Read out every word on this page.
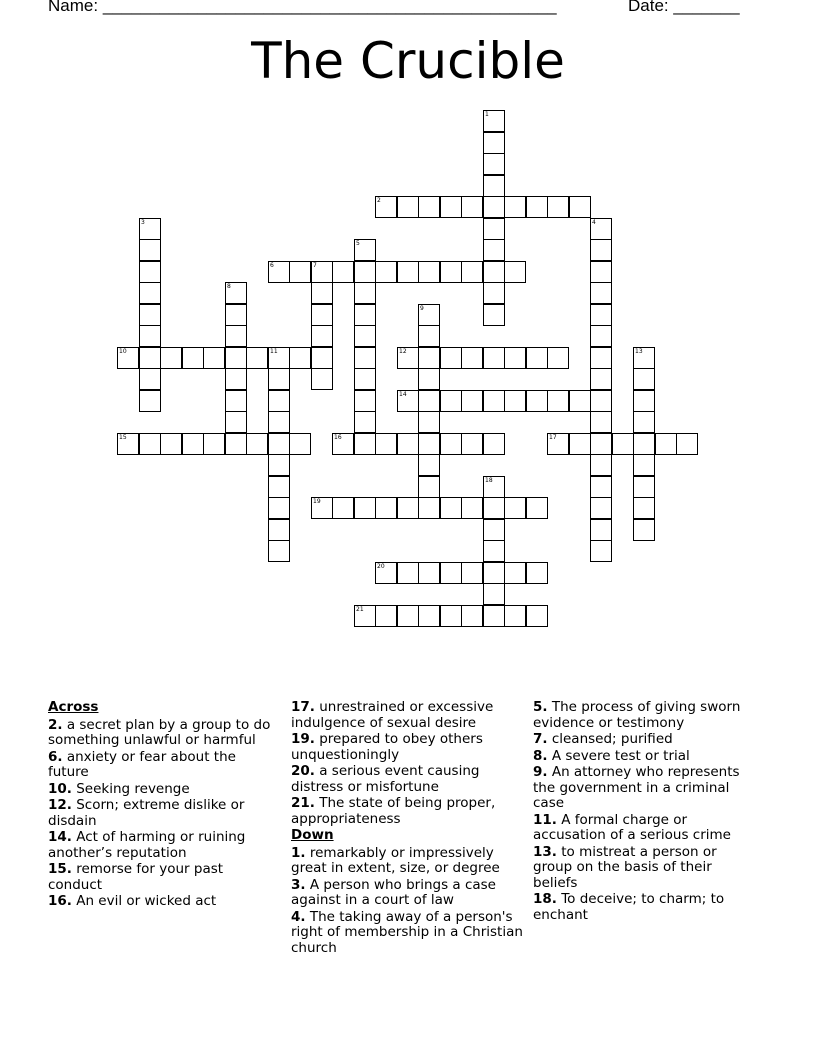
Name: ________________________________________________	Date: _______
The Crucible
1
2
3	4
5
6	7
8
9
10	11	12	13
14
15	16	17
18
19
20
21
Across
2. a secret plan by a group to do something unlawful or harmful
6. anxiety or fear about the future
10. Seeking revenge
12. Scorn; extreme dislike or disdain
14. Act of harming or ruining another’s reputation
15. remorse for your past conduct
16. An evil or wicked act
17. unrestrained or excessive indulgence of sexual desire
19. prepared to obey others unquestioningly
20. a serious event causing distress or misfortune
21. The state of being proper, appropriateness
Down
1. remarkably or impressively great in extent, size, or degree
3. A person who brings a case against in a court of law
4. The taking away of a person's right of membership in a Christian church
5. The process of giving sworn evidence or testimony
7. cleansed; purified
8. A severe test or trial
9. An attorney who represents the government in a criminal case
11. A formal charge or accusation of a serious crime
13. to mistreat a person or group on the basis of their beliefs
18. To deceive; to charm; to enchant
